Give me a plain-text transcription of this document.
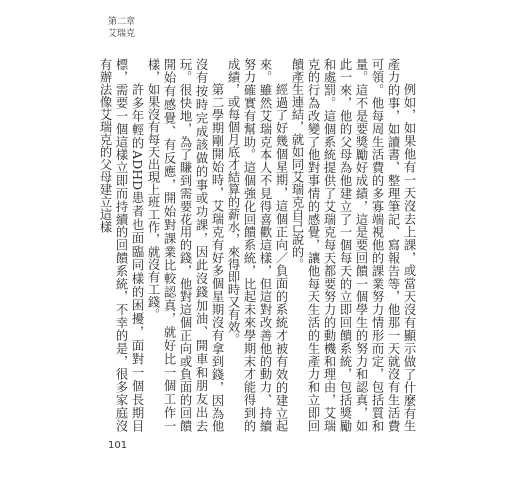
第二章
艾瑞克

例如，如果他有一天沒去上課，或當天沒有顯示做了什麼有生產力的事，如讀書、整理筆記、寫報告等，他那一天就沒有生活費可領。他每周生活費的多寡端視他的課業努力情形而定，包括質和量。這不是要獎勵好成績，這是要回饋一個學生的努力和認真，如此一來，他的父母為他建立了一個每天的立即回饋系統，包括獎勵和處罰。這個系統提供了艾瑞克每天都要努力的動機和理由，艾瑞克的行為改變了他對事情的感覺，讓他每天生活的生產力和立即回饋產生連結，就如同艾瑞克自己說的。

經過了好幾個星期，這個正向／負面的系統才被有效的建立起來。雖然艾瑞克本人不見得喜歡這樣，但這對改善他的動力、持續努力確實有幫助。這個強化回饋系統，比起未來學期末才能得到的成績，或每個月底才結算的薪水，來得即時又有效。

第二學期剛開始時，艾瑞克有好多個星期沒有拿到錢，因為他沒有按時完成該做的事或功課，因此沒錢加油、開車和朋友出去玩。很快地，為了賺到需要花用的錢，他對這個正向或負面的回饋開始有感覺、有反應，開始對課業比較認真，就好比一個工作一樣，如果沒有每天出現上班工作，就沒有工錢。

許多年輕的ADHD患者也面臨同樣的困擾，面對一個長期目標，需要一個這樣立即而持續的回饋系統，不幸的是，很多家庭沒有辦法像艾瑞克的父母建立這樣

101
